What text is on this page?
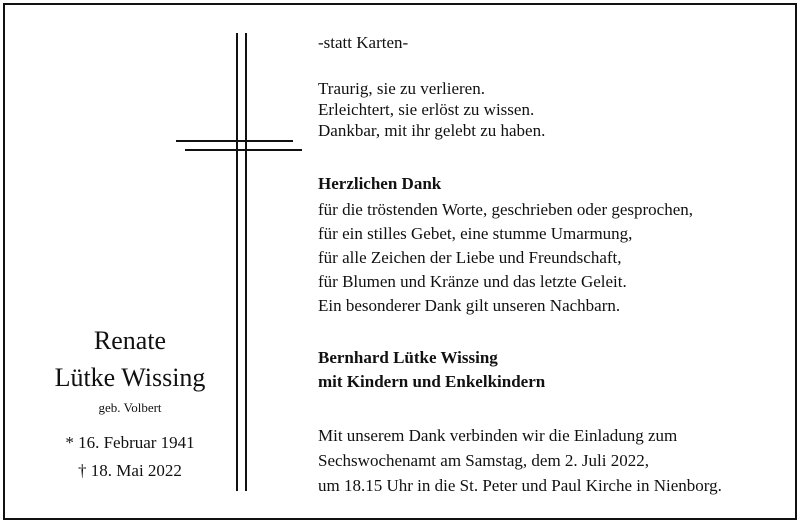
Renate
Lütke Wissing
geb. Volbert
* 16. Februar 1941
† 18. Mai 2022
-statt Karten-
Traurig, sie zu verlieren.
Erleichtert, sie erlöst zu wissen.
Dankbar, mit ihr gelebt zu haben.
Herzlichen Dank
für die tröstenden Worte, geschrieben oder gesprochen,
für ein stilles Gebet, eine stumme Umarmung,
für alle Zeichen der Liebe und Freundschaft,
für Blumen und Kränze und das letzte Geleit.
Ein besonderer Dank gilt unseren Nachbarn.
Bernhard Lütke Wissing
mit Kindern und Enkelkindern
Mit unserem Dank verbinden wir die Einladung zum
Sechswochenamt am Samstag, dem 2. Juli 2022,
um 18.15 Uhr in die St. Peter und Paul Kirche in Nienborg.
